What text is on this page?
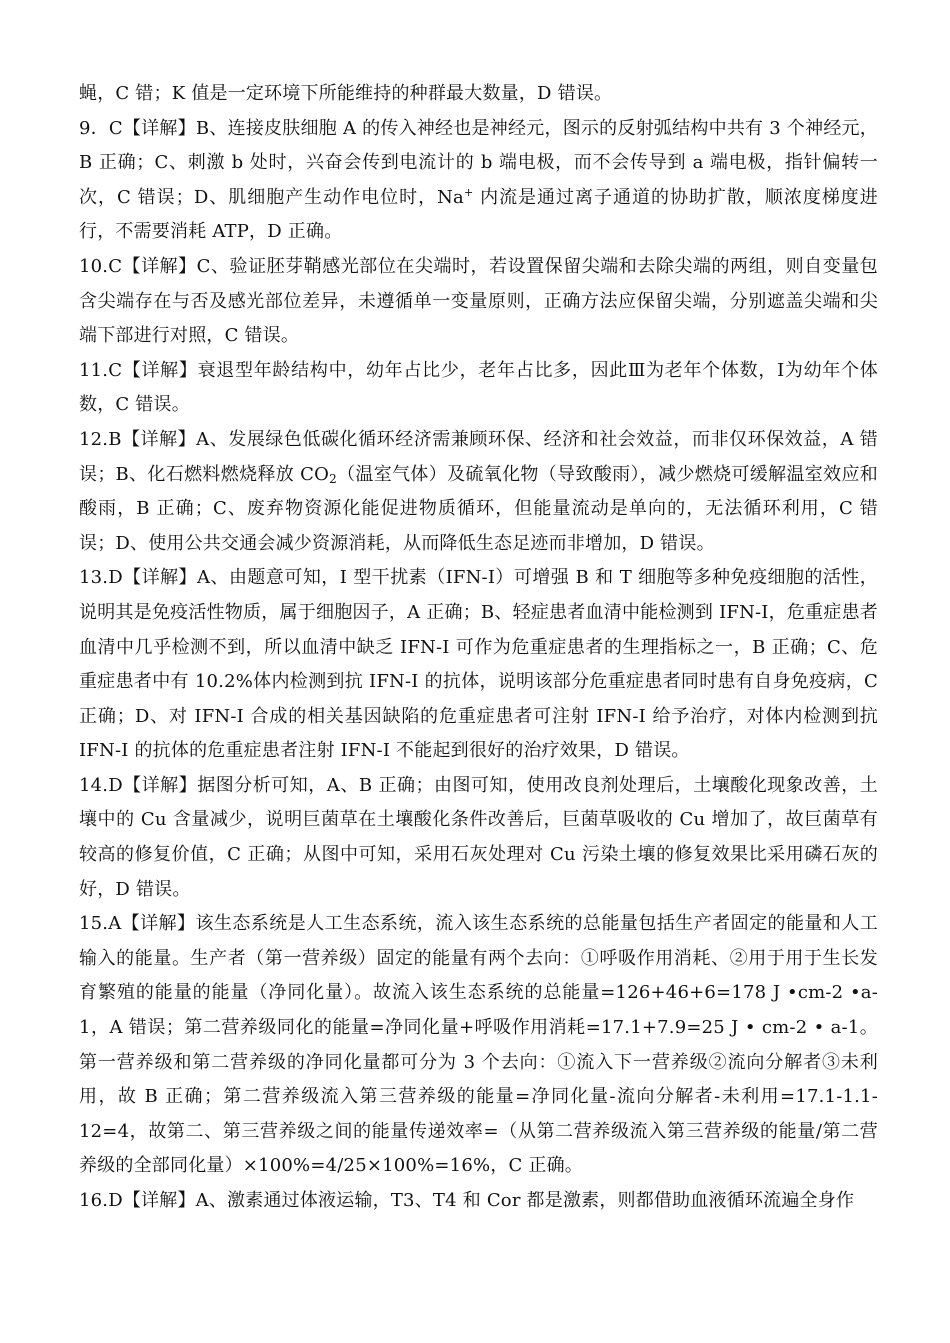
蝇，C 错；K 值是一定环境下所能维持的种群最大数量，D 错误。

9．C【详解】B、连接皮肤细胞 A 的传入神经也是神经元，图示的反射弧结构中共有 3 个神经元，B 正确；C、刺激 b 处时，兴奋会传到电流计的 b 端电极，而不会传导到 a 端电极，指针偏转一次，C 错误；D、肌细胞产生动作电位时，Na+ 内流是通过离子通道的协助扩散，顺浓度梯度进行，不需要消耗 ATP，D 正确。

10.C【详解】C、验证胚芽鞘感光部位在尖端时，若设置保留尖端和去除尖端的两组，则自变量包含尖端存在与否及感光部位差异，未遵循单一变量原则，正确方法应保留尖端，分别遮盖尖端和尖端下部进行对照，C 错误。

11.C【详解】衰退型年龄结构中，幼年占比少，老年占比多，因此Ⅲ为老年个体数，Ⅰ为幼年个体数，C 错误。

12.B【详解】A、发展绿色低碳化循环经济需兼顾环保、经济和社会效益，而非仅环保效益，A 错误；B、化石燃料燃烧释放 $CO_2$（温室气体）及硫氧化物（导致酸雨），减少燃烧可缓解温室效应和酸雨，B 正确；C、废弃物资源化能促进物质循环，但能量流动是单向的，无法循环利用，C 错误；D、使用公共交通会减少资源消耗，从而降低生态足迹而非增加，D 错误。

13.D【详解】A、由题意可知，I 型干扰素（IFN-I）可增强 B 和 T 细胞等多种免疫细胞的活性，说明其是免疫活性物质，属于细胞因子，A 正确；B、轻症患者血清中能检测到 IFN-I，危重症患者血清中几乎检测不到，所以血清中缺乏 IFN-I 可作为危重症患者的生理指标之一，B 正确；C、危重症患者中有 10.2%体内检测到抗 IFN-I 的抗体，说明该部分危重症患者同时患有自身免疫病，C 正确；D、对 IFN-I 合成的相关基因缺陷的危重症患者可注射 IFN-I 给予治疗，对体内检测到抗 IFN-I 的抗体的危重症患者注射 IFN-I 不能起到很好的治疗效果，D 错误。

14.D【详解】据图分析可知，A、B 正确；由图可知，使用改良剂处理后，土壤酸化现象改善，土壤中的 Cu 含量减少，说明巨菌草在土壤酸化条件改善后，巨菌草吸收的 Cu 增加了，故巨菌草有较高的修复价值，C 正确；从图中可知，采用石灰处理对 Cu 污染土壤的修复效果比采用磷石灰的好，D 错误。

15.A【详解】该生态系统是人工生态系统，流入该生态系统的总能量包括生产者固定的能量和人工输入的能量。生产者（第一营养级）固定的能量有两个去向：①呼吸作用消耗、②用于用于生长发育繁殖的能量的能量（净同化量）。故流入该生态系统的总能量=126+46+6=178 J •cm-2 •a-1，A 错误；第二营养级同化的能量=净同化量+呼吸作用消耗=17.1+7.9=25 J • cm-2 • a-1。第一营养级和第二营养级的净同化量都可分为 3 个去向：①流入下一营养级②流向分解者③未利用，故 B 正确；第二营养级流入第三营养级的能量=净同化量-流向分解者-未利用=17.1-1.1-12=4，故第二、第三营养级之间的能量传递效率=（从第二营养级流入第三营养级的能量/第二营养级的全部同化量）×100%=4/25×100%=16%，C 正确。

16.D【详解】A、激素通过体液运输，T3、T4 和 Cor 都是激素，则都借助血液循环流遍全身作
